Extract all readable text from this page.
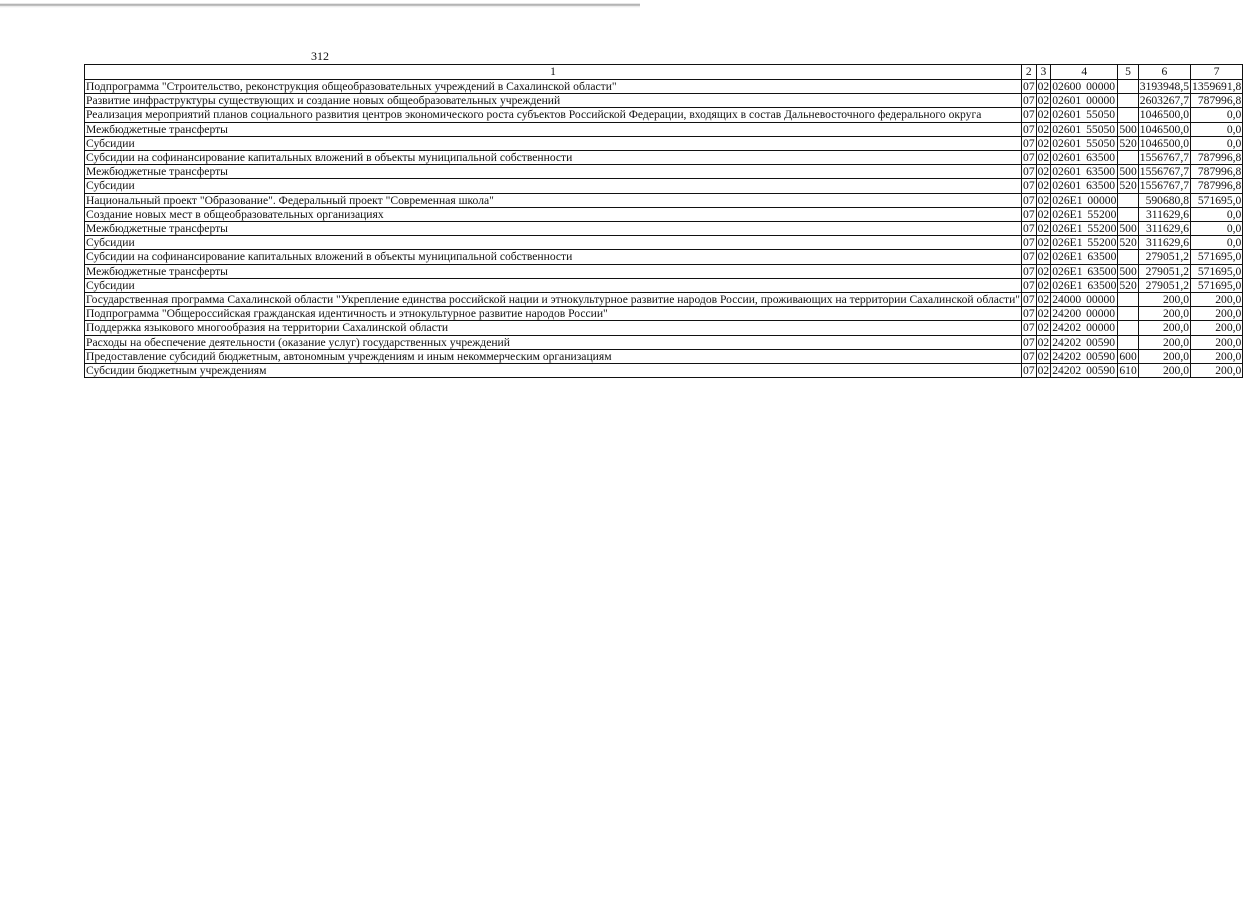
312
1	2	3	4	5	6	7
Подпрограмма "Строительство, реконструкция общеобразовательных учреждений в Сахалинской области"	07	02	02600 00000		3193948,5	1359691,8
Развитие инфраструктуры существующих и создание новых общеобразовательных учреждений	07	02	02601 00000		2603267,7	787996,8
Реализация мероприятий планов социального развития центров экономического роста субъектов Российской Федерации, входящих в состав Дальневосточного федерального округа	07	02	02601 55050		1046500,0	0,0
Межбюджетные трансферты	07	02	02601 55050	500	1046500,0	0,0
Субсидии	07	02	02601 55050	520	1046500,0	0,0
Субсидии на софинансирование капитальных вложений в объекты муниципальной собственности	07	02	02601 63500		1556767,7	787996,8
Межбюджетные трансферты	07	02	02601 63500	500	1556767,7	787996,8
Субсидии	07	02	02601 63500	520	1556767,7	787996,8
Национальный проект "Образование". Федеральный проект "Современная школа"	07	02	026E1 00000		590680,8	571695,0
Создание новых мест в общеобразовательных организациях	07	02	026E1 55200		311629,6	0,0
Межбюджетные трансферты	07	02	026E1 55200	500	311629,6	0,0
Субсидии	07	02	026E1 55200	520	311629,6	0,0
Субсидии на софинансирование капитальных вложений в объекты муниципальной собственности	07	02	026E1 63500		279051,2	571695,0
Межбюджетные трансферты	07	02	026E1 63500	500	279051,2	571695,0
Субсидии	07	02	026E1 63500	520	279051,2	571695,0
Государственная программа Сахалинской области "Укрепление единства российской нации и этнокультурное развитие народов России, проживающих на территории Сахалинской области"	07	02	24000 00000		200,0	200,0
Подпрограмма "Общероссийская гражданская идентичность и этнокультурное развитие народов России"	07	02	24200 00000		200,0	200,0
Поддержка языкового многообразия на территории Сахалинской области	07	02	24202 00000		200,0	200,0
Расходы на обеспечение деятельности (оказание услуг) государственных учреждений	07	02	24202 00590		200,0	200,0
Предоставление субсидий бюджетным, автономным учреждениям и иным некоммерческим организациям	07	02	24202 00590	600	200,0	200,0
Субсидии бюджетным учреждениям	07	02	24202 00590	610	200,0	200,0
